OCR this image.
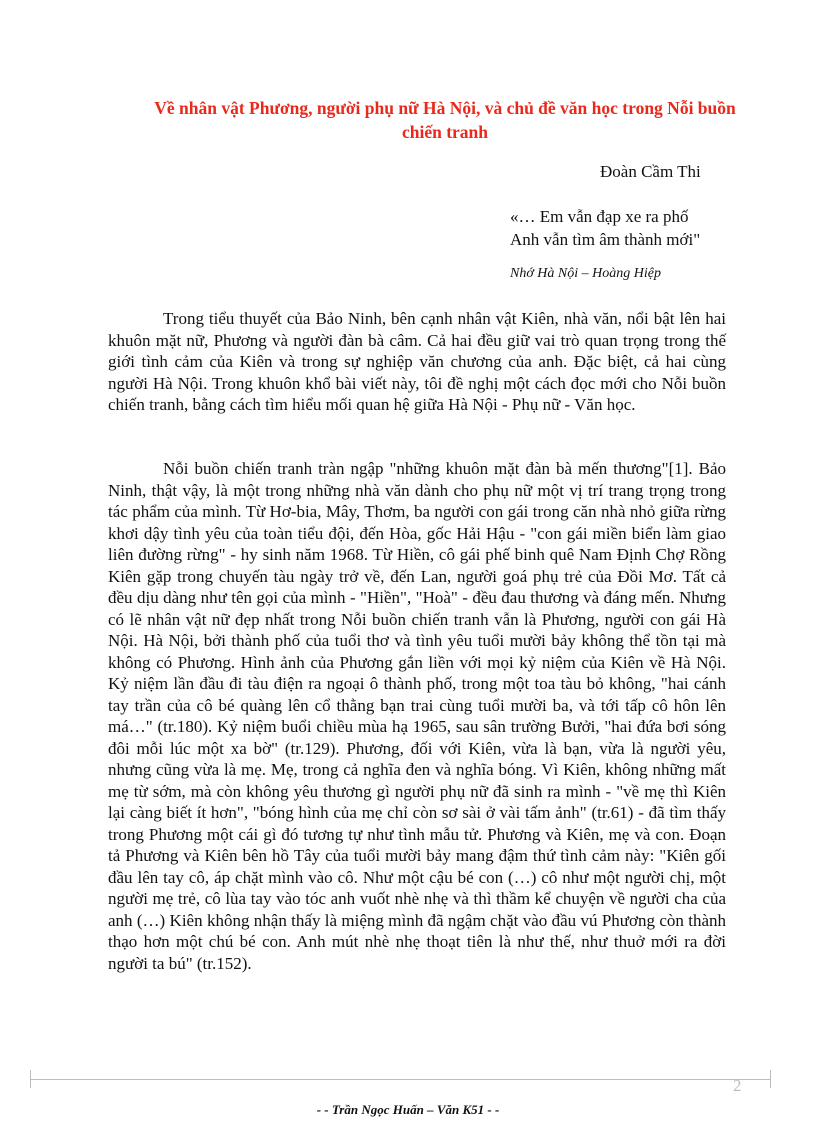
Về nhân vật Phương, người phụ nữ Hà Nội, và chủ đề văn học trong Nỗi buồn chiến tranh
Đoàn Cầm Thi
«… Em vẫn đạp xe ra phố
Anh vẫn tìm âm thành mới"
Nhớ Hà Nội – Hoàng Hiệp

Trong tiểu thuyết của Bảo Ninh, bên cạnh nhân vật Kiên, nhà văn, nổi bật lên hai khuôn mặt nữ, Phương và người đàn bà câm. Cả hai đều giữ vai trò quan trọng trong thế giới tình cảm của Kiên và trong sự nghiệp văn chương của anh. Đặc biệt, cả hai cùng người Hà Nội. Trong khuôn khổ bài viết này, tôi đề nghị một cách đọc mới cho Nỗi buồn chiến tranh, bằng cách tìm hiểu mối quan hệ giữa Hà Nội - Phụ nữ - Văn học.

Nỗi buồn chiến tranh tràn ngập "những khuôn mặt đàn bà mến thương"[1]. Bảo Ninh, thật vậy, là một trong những nhà văn dành cho phụ nữ một vị trí trang trọng trong tác phẩm của mình. Từ Hơ-bia, Mây, Thơm, ba người con gái trong căn nhà nhỏ giữa rừng khơi dậy tình yêu của toàn tiểu đội, đến Hòa, gốc Hải Hậu - "con gái miền biển làm giao liên đường rừng" - hy sinh năm 1968. Từ Hiền, cô gái phế binh quê Nam Định Chợ Rồng Kiên gặp trong chuyến tàu ngày trở về, đến Lan, người goá phụ trẻ của Đồi Mơ. Tất cả đều dịu dàng như tên gọi của mình - "Hiền", "Hoà" - đều đau thương và đáng mến. Nhưng có lẽ nhân vật nữ đẹp nhất trong Nỗi buồn chiến tranh vẫn là Phương, người con gái Hà Nội. Hà Nội, bởi thành phố của tuổi thơ và tình yêu tuổi mười bảy không thể tồn tại mà không có Phương. Hình ảnh của Phương gắn liền với mọi kỷ niệm của Kiên về Hà Nội. Kỷ niệm lần đầu đi tàu điện ra ngoại ô thành phố, trong một toa tàu bỏ không, "hai cánh tay trần của cô bé quàng lên cổ thằng bạn trai cùng tuổi mười ba, và tới tấp cô hôn lên má…" (tr.180). Kỷ niệm buổi chiều mùa hạ 1965, sau sân trường Bưởi, "hai đứa bơi sóng đôi mỗi lúc một xa bờ" (tr.129). Phương, đối với Kiên, vừa là bạn, vừa là người yêu, nhưng cũng vừa là mẹ. Mẹ, trong cả nghĩa đen và nghĩa bóng. Vì Kiên, không những mất mẹ từ sớm, mà còn không yêu thương gì người phụ nữ đã sinh ra mình - "về mẹ thì Kiên lại càng biết ít hơn", "bóng hình của mẹ chỉ còn sơ sài ở vài tấm ảnh" (tr.61) - đã tìm thấy trong Phương một cái gì đó tương tự như tình mẫu tử. Phương và Kiên, mẹ và con. Đoạn tả Phương và Kiên bên hồ Tây của tuổi mười bảy mang đậm thứ tình cảm này: "Kiên gối đầu lên tay cô, áp chặt mình vào cô. Như một cậu bé con (…) cô như một người chị, một người mẹ trẻ, cô lùa tay vào tóc anh vuốt nhè nhẹ và thì thầm kể chuyện về người cha của anh (…) Kiên không nhận thấy là miệng mình đã ngậm chặt vào đầu vú Phương còn thành thạo hơn một chú bé con. Anh mút nhè nhẹ thoạt tiên là như thế, như thuở mới ra đời người ta bú" (tr.152).

2
- - Trần Ngọc Huấn – Văn K51 - -
